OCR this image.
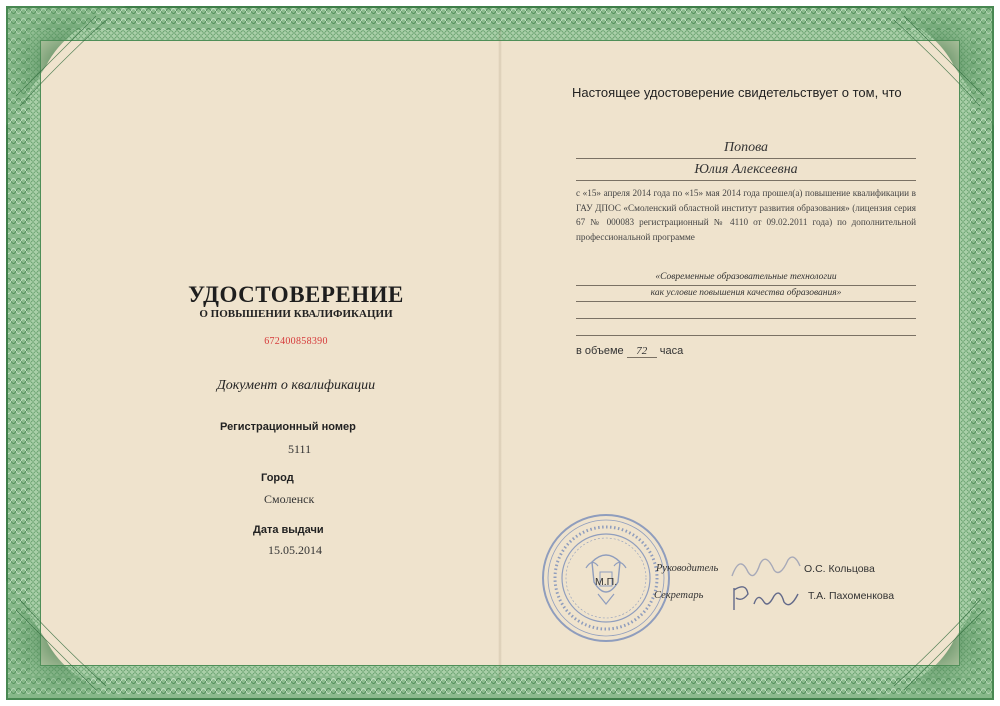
УДОСТОВЕРЕНИЕ
О ПОВЫШЕНИИ КВАЛИФИКАЦИИ
672400858390
Документ о квалификации
Регистрационный номер
5111
Город
Смоленск
Дата выдачи
15.05.2014
Настоящее удостоверение свидетельствует о том, что
Попова
Юлия Алексеевна
с «15» апреля 2014 года по «15» мая 2014 года прошел(а) повышение квалификации в ГАУ ДПОС «Смоленский областной институт развития образования» (лицензия серия 67 № 000083 регистрационный № 4110 от 09.02.2011 года) по дополнительной профессиональной программе
«Современные образовательные технологии
как условие повышения качества образования»
в объеме 72 часа
М.П.
Руководитель	О.С. Кольцова
Секретарь	Т.А. Пахоменкова
